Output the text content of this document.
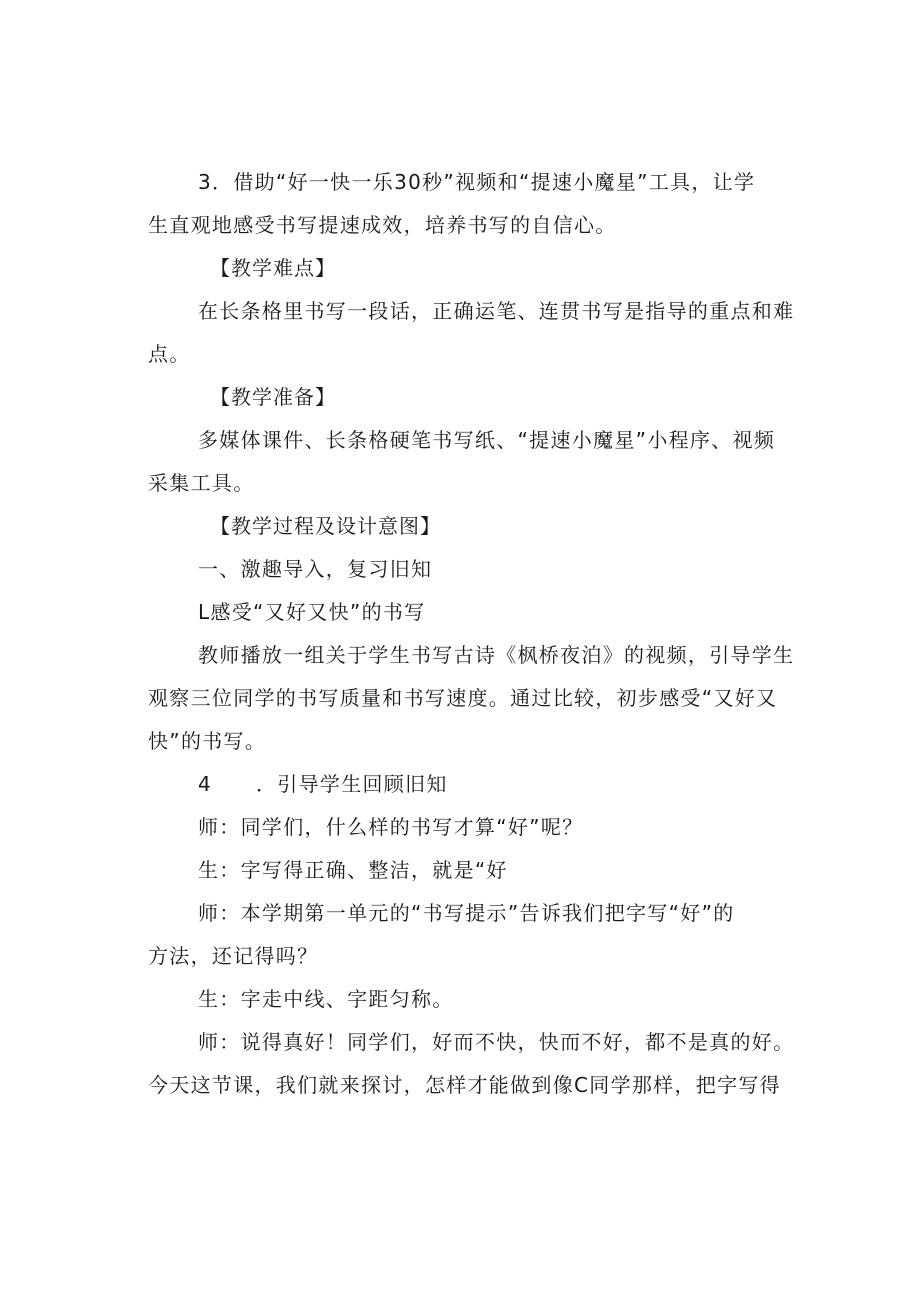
3．借助“好一快一乐30秒”视频和“提速小魔星”工具，让学

生直观地感受书写提速成效，培养书写的自信心。

【教学难点】

在长条格里书写一段话，正确运笔、连贯书写是指导的重点和难

点。

【教学准备】

多媒体课件、长条格硬笔书写纸、“提速小魔星”小程序、视频

采集工具。

【教学过程及设计意图】

一、激趣导入，复习旧知

L感受“又好又快”的书写

教师播放一组关于学生书写古诗《枫桥夜泊》的视频，引导学生

观察三位同学的书写质量和书写速度。通过比较，初步感受“又好又

快”的书写。

4 ．引导学生回顾旧知

师：同学们，什么样的书写才算“好”呢？

生：字写得正确、整洁，就是“好

师：本学期第一单元的“书写提示”告诉我们把字写“好”的

方法，还记得吗？

生：字走中线、字距匀称。

师：说得真好！同学们，好而不快，快而不好，都不是真的好。

今天这节课，我们就来探讨，怎样才能做到像C同学那样，把字写得
